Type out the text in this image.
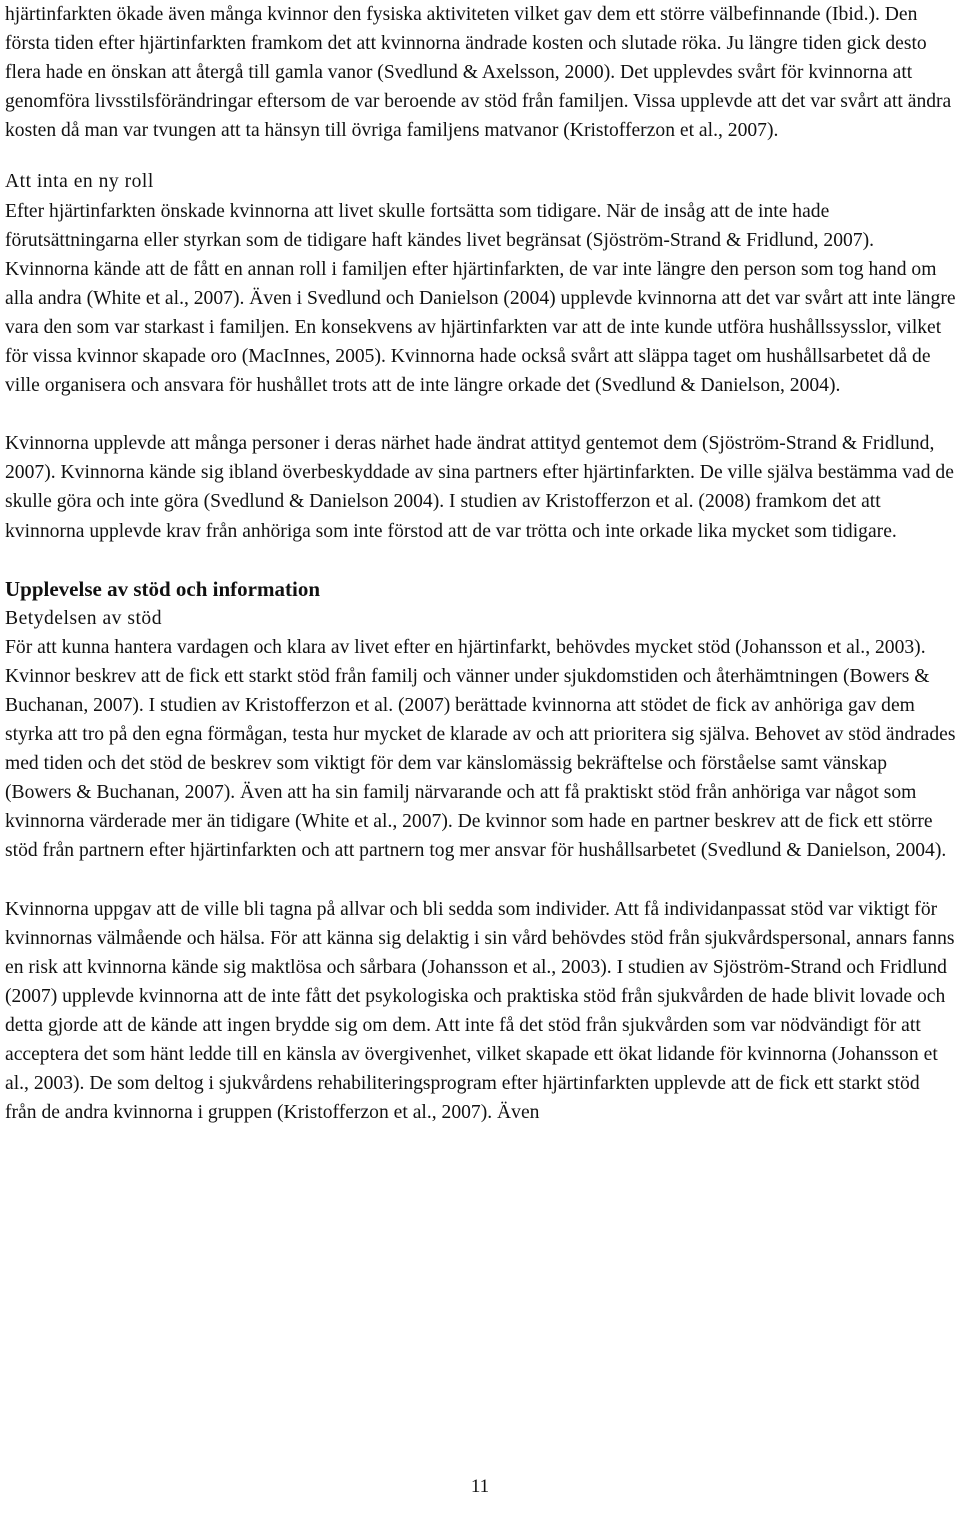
hjärtinfarkten ökade även många kvinnor den fysiska aktiviteten vilket gav dem ett större välbefinnande (Ibid.). Den första tiden efter hjärtinfarkten framkom det att kvinnorna ändrade kosten och slutade röka. Ju längre tiden gick desto flera hade en önskan att återgå till gamla vanor (Svedlund & Axelsson, 2000). Det upplevdes svårt för kvinnorna att genomföra livsstilsförändringar eftersom de var beroende av stöd från familjen. Vissa upplevde att det var svårt att ändra kosten då man var tvungen att ta hänsyn till övriga familjens matvanor (Kristofferzon et al., 2007).

Att inta en ny roll

Efter hjärtinfarkten önskade kvinnorna att livet skulle fortsätta som tidigare. När de insåg att de inte hade förutsättningarna eller styrkan som de tidigare haft kändes livet begränsat (Sjöström-Strand & Fridlund, 2007). Kvinnorna kände att de fått en annan roll i familjen efter hjärtinfarkten, de var inte längre den person som tog hand om alla andra (White et al., 2007). Även i Svedlund och Danielson (2004) upplevde kvinnorna att det var svårt att inte längre vara den som var starkast i familjen. En konsekvens av hjärtinfarkten var att de inte kunde utföra hushållssysslor, vilket för vissa kvinnor skapade oro (MacInnes, 2005). Kvinnorna hade också svårt att släppa taget om hushållsarbetet då de ville organisera och ansvara för hushållet trots att de inte längre orkade det (Svedlund & Danielson, 2004).

Kvinnorna upplevde att många personer i deras närhet hade ändrat attityd gentemot dem (Sjöström-Strand & Fridlund, 2007). Kvinnorna kände sig ibland överbeskyddade av sina partners efter hjärtinfarkten. De ville själva bestämma vad de skulle göra och inte göra (Svedlund & Danielson 2004). I studien av Kristofferzon et al. (2008) framkom det att kvinnorna upplevde krav från anhöriga som inte förstod att de var trötta och inte orkade lika mycket som tidigare.

Upplevelse av stöd och information

Betydelsen av stöd

För att kunna hantera vardagen och klara av livet efter en hjärtinfarkt, behövdes mycket stöd (Johansson et al., 2003). Kvinnor beskrev att de fick ett starkt stöd från familj och vänner under sjukdomstiden och återhämtningen (Bowers & Buchanan, 2007). I studien av Kristofferzon et al. (2007) berättade kvinnorna att stödet de fick av anhöriga gav dem styrka att tro på den egna förmågan, testa hur mycket de klarade av och att prioritera sig själva. Behovet av stöd ändrades med tiden och det stöd de beskrev som viktigt för dem var känslomässig bekräftelse och förståelse samt vänskap (Bowers & Buchanan, 2007). Även att ha sin familj närvarande och att få praktiskt stöd från anhöriga var något som kvinnorna värderade mer än tidigare (White et al., 2007). De kvinnor som hade en partner beskrev att de fick ett större stöd från partnern efter hjärtinfarkten och att partnern tog mer ansvar för hushållsarbetet (Svedlund & Danielson, 2004).

Kvinnorna uppgav att de ville bli tagna på allvar och bli sedda som individer. Att få individanpassat stöd var viktigt för kvinnornas välmående och hälsa. För att känna sig delaktig i sin vård behövdes stöd från sjukvårdspersonal, annars fanns en risk att kvinnorna kände sig maktlösa och sårbara (Johansson et al., 2003). I studien av Sjöström-Strand och Fridlund (2007) upplevde kvinnorna att de inte fått det psykologiska och praktiska stöd från sjukvården de hade blivit lovade och detta gjorde att de kände att ingen brydde sig om dem. Att inte få det stöd från sjukvården som var nödvändigt för att acceptera det som hänt ledde till en känsla av övergivenhet, vilket skapade ett ökat lidande för kvinnorna (Johansson et al., 2003). De som deltog i sjukvårdens rehabiliteringsprogram efter hjärtinfarkten upplevde att de fick ett starkt stöd från de andra kvinnorna i gruppen (Kristofferzon et al., 2007). Även

11
